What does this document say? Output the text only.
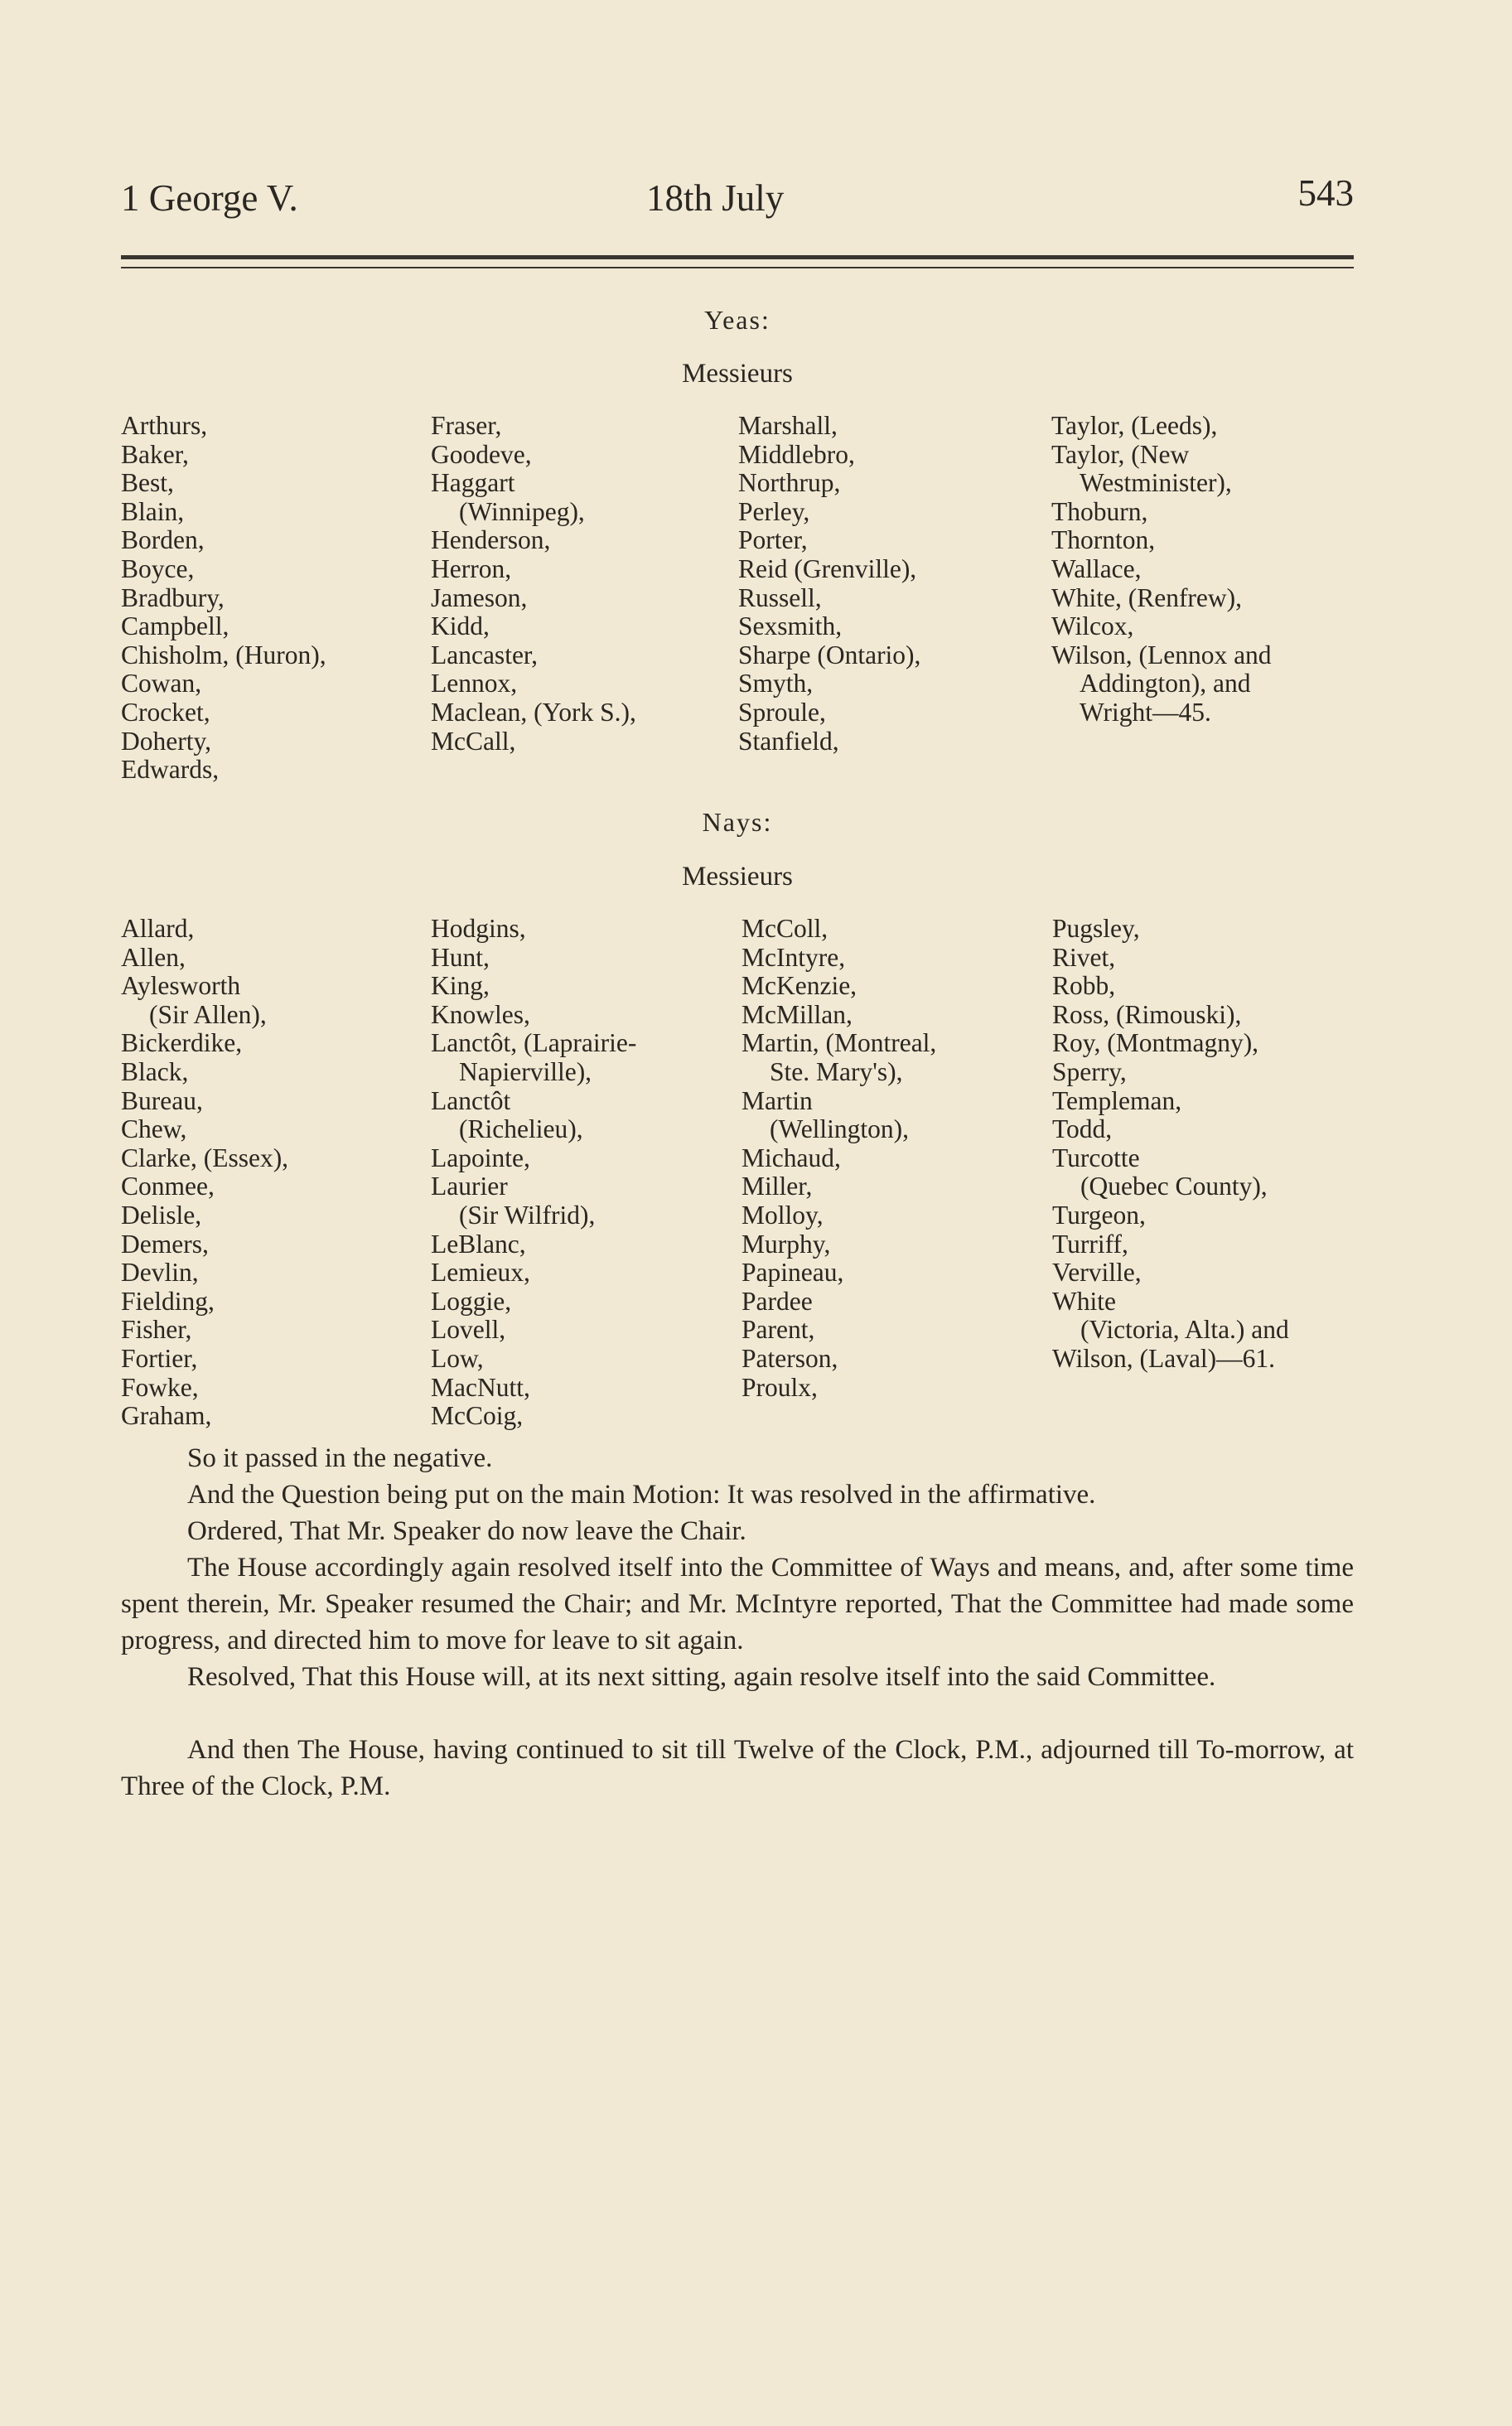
1 George V.	18th July	543
Yeas:
Messieurs
Arthurs,
Baker,
Best,
Blain,
Borden,
Boyce,
Bradbury,
Campbell,
Chisholm, (Huron),
Cowan,
Crocket,
Doherty,
Edwards,
Fraser,
Goodeve,
Haggart
(Winnipeg),
Henderson,
Herron,
Jameson,
Kidd,
Lancaster,
Lennox,
Maclean, (York S.),
McCall,
Marshall,
Middlebro,
Northrup,
Perley,
Porter,
Reid (Grenville),
Russell,
Sexsmith,
Sharpe (Ontario),
Smyth,
Sproule,
Stanfield,
Taylor, (Leeds),
Taylor, (New
Westminister),
Thoburn,
Thornton,
Wallace,
White, (Renfrew),
Wilcox,
Wilson, (Lennox and
Addington), and
Wright—45.
Nays:
Messieurs
Allard,
Allen,
Aylesworth
(Sir Allen),
Bickerdike,
Black,
Bureau,
Chew,
Clarke, (Essex),
Conmee,
Delisle,
Demers,
Devlin,
Fielding,
Fisher,
Fortier,
Fowke,
Graham,
Hodgins,
Hunt,
King,
Knowles,
Lanctôt, (Laprairie-
Napierville),
Lanctôt
(Richelieu),
Lapointe,
Laurier
(Sir Wilfrid),
LeBlanc,
Lemieux,
Loggie,
Lovell,
Low,
MacNutt,
McCoig,
McColl,
McIntyre,
McKenzie,
McMillan,
Martin, (Montreal,
Ste. Mary's),
Martin
(Wellington),
Michaud,
Miller,
Molloy,
Murphy,
Papineau,
Pardee
Parent,
Paterson,
Proulx,
Pugsley,
Rivet,
Robb,
Ross, (Rimouski),
Roy, (Montmagny),
Sperry,
Templeman,
Todd,
Turcotte
(Quebec County),
Turgeon,
Turriff,
Verville,
White
(Victoria, Alta.) and
Wilson, (Laval)—61.

So it passed in the negative.

And the Question being put on the main Motion: It was resolved in the affirmative.

Ordered, That Mr. Speaker do now leave the Chair.

The House accordingly again resolved itself into the Committee of Ways and means, and, after some time spent therein, Mr. Speaker resumed the Chair; and Mr. McIntyre reported, That the Committee had made some progress, and directed him to move for leave to sit again.

Resolved, That this House will, at its next sitting, again resolve itself into the said Committee.

And then The House, having continued to sit till Twelve of the Clock, P.M., adjourned till To-morrow, at Three of the Clock, P.M.
